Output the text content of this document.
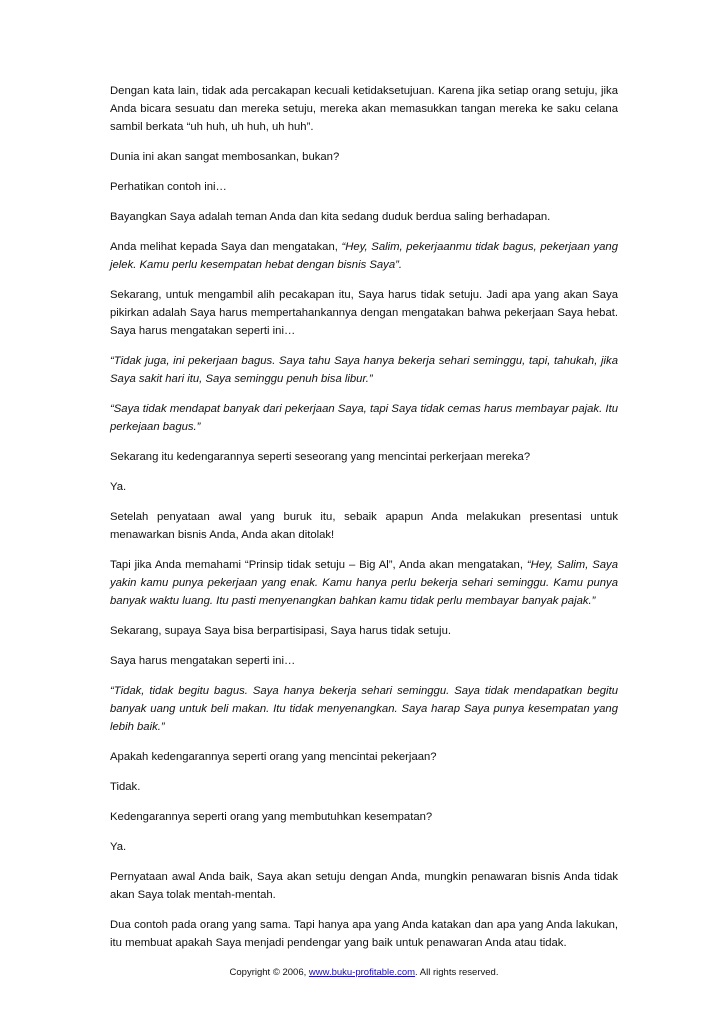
Dengan kata lain, tidak ada percakapan kecuali ketidaksetujuan. Karena jika setiap orang setuju, jika Anda bicara sesuatu dan mereka setuju, mereka akan memasukkan tangan mereka ke saku celana sambil berkata “uh huh, uh huh, uh huh”.

Dunia ini akan sangat membosankan, bukan?

Perhatikan contoh ini…

Bayangkan Saya adalah teman Anda dan kita sedang duduk berdua saling berhadapan.

Anda melihat kepada Saya dan mengatakan, “Hey, Salim, pekerjaanmu tidak bagus, pekerjaan yang jelek. Kamu perlu kesempatan hebat dengan bisnis Saya”.

Sekarang, untuk mengambil alih pecakapan itu, Saya harus tidak setuju. Jadi apa yang akan Saya pikirkan adalah Saya harus mempertahankannya dengan mengatakan bahwa pekerjaan Saya hebat. Saya harus mengatakan seperti ini…

“Tidak juga, ini pekerjaan bagus. Saya tahu Saya hanya bekerja sehari seminggu, tapi, tahukah, jika Saya sakit hari itu, Saya seminggu penuh bisa libur.”

“Saya tidak mendapat banyak dari pekerjaan Saya, tapi Saya tidak cemas harus membayar pajak. Itu perkejaan bagus.”

Sekarang itu kedengarannya seperti seseorang yang mencintai perkerjaan mereka?

Ya.

Setelah penyataan awal yang buruk itu, sebaik apapun Anda melakukan presentasi untuk menawarkan bisnis Anda, Anda akan ditolak!

Tapi jika Anda memahami “Prinsip tidak setuju – Big Al”, Anda akan mengatakan, “Hey, Salim, Saya yakin kamu punya pekerjaan yang enak. Kamu hanya perlu bekerja sehari seminggu. Kamu punya banyak waktu luang. Itu pasti menyenangkan bahkan kamu tidak perlu membayar banyak pajak.”

Sekarang, supaya Saya bisa berpartisipasi, Saya harus tidak setuju.

Saya harus mengatakan seperti ini…

“Tidak, tidak begitu bagus. Saya hanya bekerja sehari seminggu. Saya tidak mendapatkan begitu banyak uang untuk beli makan. Itu tidak menyenangkan. Saya harap Saya punya kesempatan yang lebih baik.”

Apakah kedengarannya seperti orang yang mencintai pekerjaan?

Tidak.

Kedengarannya seperti orang yang membutuhkan kesempatan?

Ya.

Pernyataan awal Anda baik, Saya akan setuju dengan Anda, mungkin penawaran bisnis Anda tidak akan Saya tolak mentah-mentah.

Dua contoh pada orang yang sama. Tapi hanya apa yang Anda katakan dan apa yang Anda lakukan, itu membuat apakah Saya menjadi pendengar yang baik untuk penawaran Anda atau tidak.

Copyright © 2006, www.buku-profitable.com. All rights reserved.
